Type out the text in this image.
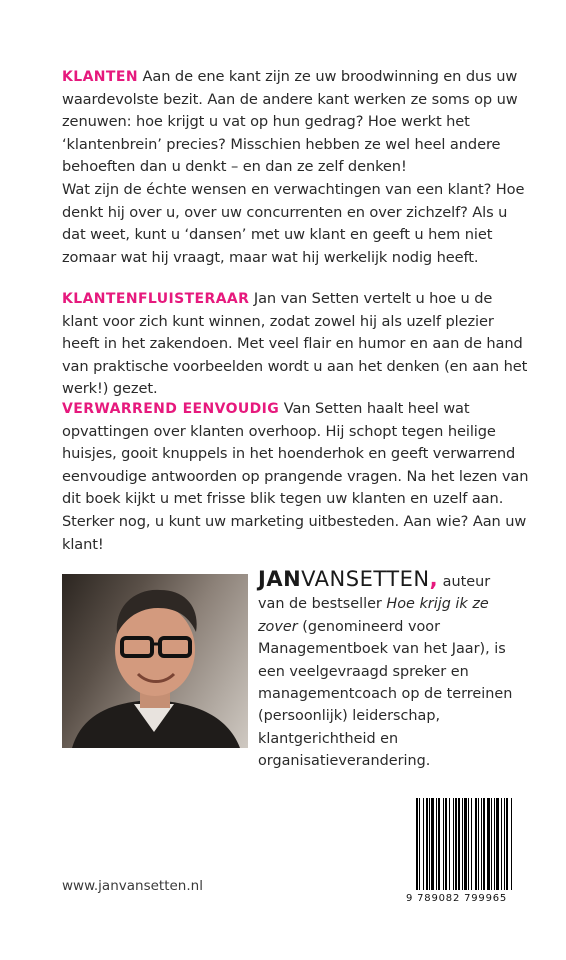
KLANTEN Aan de ene kant zijn ze uw broodwinning en dus uw waardevolste bezit. Aan de andere kant werken ze soms op uw zenuwen: hoe krijgt u vat op hun gedrag? Hoe werkt het ‘klantenbrein’ precies? Misschien hebben ze wel heel andere behoeften dan u denkt – en dan ze zelf denken!
Wat zijn de échte wensen en verwachtingen van een klant? Hoe denkt hij over u, over uw concurrenten en over zichzelf? Als u dat weet, kunt u ‘dansen’ met uw klant en geeft u hem niet zomaar wat hij vraagt, maar wat hij werkelijk nodig heeft.

KLANTENFLUISTERAAR Jan van Setten vertelt u hoe u de klant voor zich kunt winnen, zodat zowel hij als uzelf plezier heeft in het zakendoen. Met veel flair en humor en aan de hand van praktische voorbeelden wordt u aan het denken (en aan het werk!) gezet.

VERWARREND EENVOUDIG Van Setten haalt heel wat opvattingen over klanten overhoop. Hij schopt tegen heilige huisjes, gooit knuppels in het hoenderhok en geeft verwarrend eenvoudige antwoorden op prangende vragen. Na het lezen van dit boek kijkt u met frisse blik tegen uw klanten en uzelf aan. Sterker nog, u kunt uw marketing uitbesteden. Aan wie? Aan uw klant!

JANVANSETTEN, auteur van de bestseller Hoe krijg ik ze zover (genomineerd voor Managementboek van het Jaar), is een veelgevraagd spreker en managementcoach op de terreinen (persoonlijk) leiderschap, klantgerichtheid en organisatieverandering.

www.janvansetten.nl
9 789082 799965
